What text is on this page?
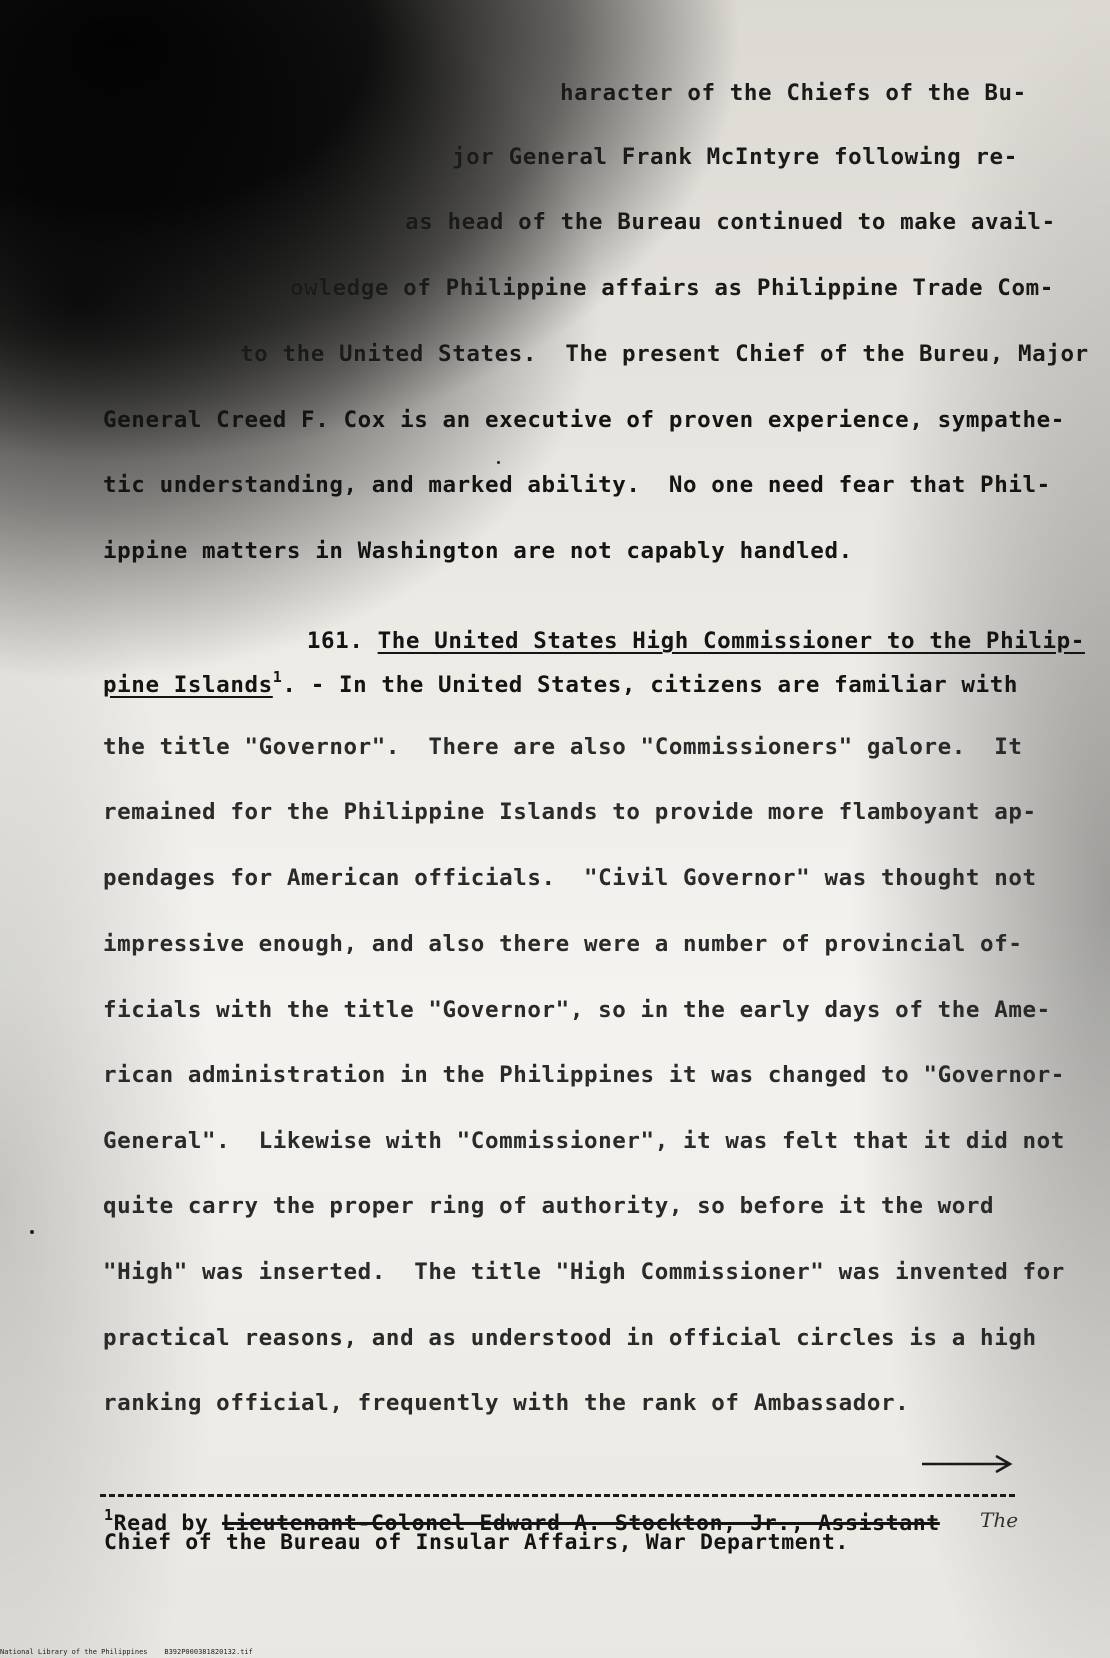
haracter of the Chiefs of the Bu-
jor General Frank McIntyre following re-
as head of the Bureau continued to make avail-
owledge of Philippine affairs as Philippine Trade Com-
to the United States.  The present Chief of the Bureu, Major
General Creed F. Cox is an executive of proven experience, sympathe-
tic understanding, and marked ability.  No one need fear that Phil-
ippine matters in Washington are not capably handled.

161. The United States High Commissioner to the Philip-

pine Islands$^1$. - In the United States, citizens are familiar with
the title "Governor".  There are also "Commissioners" galore.  It
remained for the Philippine Islands to provide more flamboyant ap-
pendages for American officials.  "Civil Governor" was thought not
impressive enough, and also there were a number of provincial of-
ficials with the title "Governor", so in the early days of the Ame-
rican administration in the Philippines it was changed to "Governor-
General".  Likewise with "Commissioner", it was felt that it did not
quite carry the proper ring of authority, so before it the word
"High" was inserted.  The title "High Commissioner" was invented for
practical reasons, and as understood in official circles is a high
ranking official, frequently with the rank of Ambassador.
$^1$Read by Lieutenant-Colonel Edward A. Stockton, Jr., Assistant
Chief of the Bureau of Insular Affairs, War Department.
The
National Library of the Philippines    B392P000381820132.tif
